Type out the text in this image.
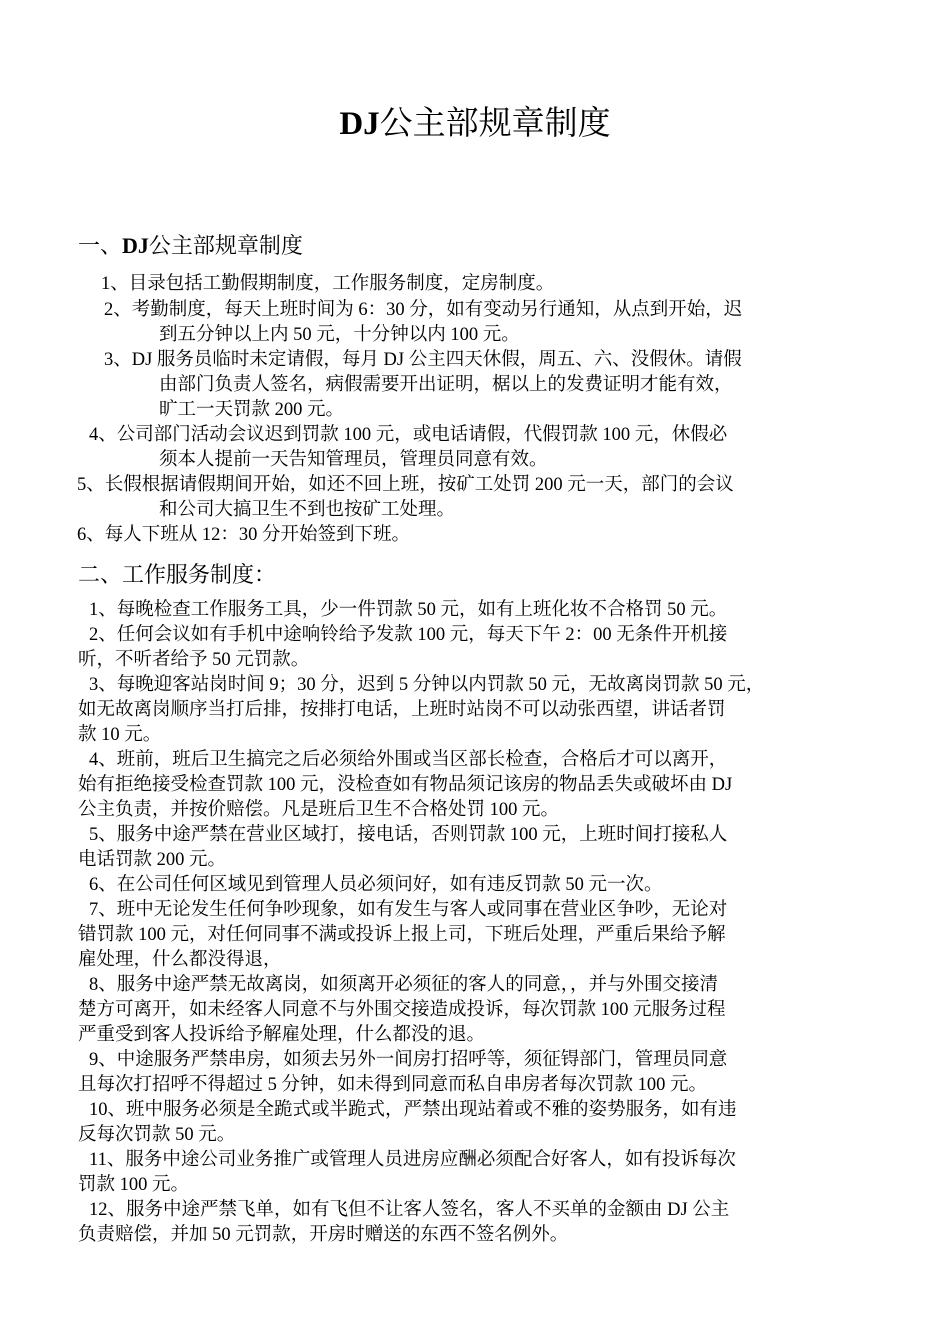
DJ公主部规章制度
一、DJ公主部规章制度
1、目录包括工勤假期制度，工作服务制度，定房制度。
2、考勤制度，每天上班时间为 6：30 分，如有变动另行通知，从点到开始，迟
到五分钟以上内 50 元，十分钟以内 100 元。
3、DJ 服务员临时未定请假，每月 DJ 公主四天休假，周五、六、没假休。请假
由部门负责人签名，病假需要开出证明，椐以上的发费证明才能有效，
旷工一天罚款 200 元。
4、公司部门活动会议迟到罚款 100 元，或电话请假，代假罚款 100 元，休假必
须本人提前一天告知管理员，管理员同意有效。
5、长假根据请假期间开始，如还不回上班，按矿工处罚 200 元一天，部门的会议
和公司大搞卫生不到也按矿工处理。
6、每人下班从 12：30 分开始签到下班。
二、工作服务制度：
1、每晚检查工作服务工具，少一件罚款 50 元，如有上班化妆不合格罚 50 元。
2、任何会议如有手机中途响铃给予发款 100 元，每天下午 2：00 无条件开机接
听，不听者给予 50 元罚款。
3、每晚迎客站岗时间 9；30 分，迟到 5 分钟以内罚款 50 元，无故离岗罚款 50 元，
如无故离岗顺序当打后排，按排打电话，上班时站岗不可以动张西望，讲话者罚
款 10 元。
4、班前，班后卫生搞完之后必须给外围或当区部长检查，合格后才可以离开，
始有拒绝接受检查罚款 100 元，没检查如有物品须记该房的物品丢失或破坏由 DJ
公主负责，并按价赔偿。凡是班后卫生不合格处罚 100 元。
5、服务中途严禁在营业区域打，接电话，否则罚款 100 元，上班时间打接私人
电话罚款 200 元。
6、在公司任何区域见到管理人员必须问好，如有违反罚款 50 元一次。
7、班中无论发生任何争吵现象，如有发生与客人或同事在营业区争吵，无论对
错罚款 100 元，对任何同事不满或投诉上报上司，下班后处理，严重后果给予解
雇处理，什么都没得退，
8、服务中途严禁无故离岗，如须离开必须征的客人的同意，，并与外围交接清
楚方可离开，如未经客人同意不与外围交接造成投诉，每次罚款 100 元服务过程
严重受到客人投诉给予解雇处理，什么都没的退。
9、中途服务严禁串房，如须去另外一间房打招呼等，须征锝部门，管理员同意
且每次打招呼不得超过 5 分钟，如未得到同意而私自串房者每次罚款 100 元。
10、班中服务必须是全跪式或半跪式，严禁出现站着或不雅的姿势服务，如有违
反每次罚款 50 元。
11、服务中途公司业务推广或管理人员进房应酬必须配合好客人，如有投诉每次
罚款 100 元。
12、服务中途严禁飞单，如有飞但不让客人签名，客人不买单的金额由 DJ 公主
负责赔偿，并加 50 元罚款，开房时赠送的东西不签名例外。
